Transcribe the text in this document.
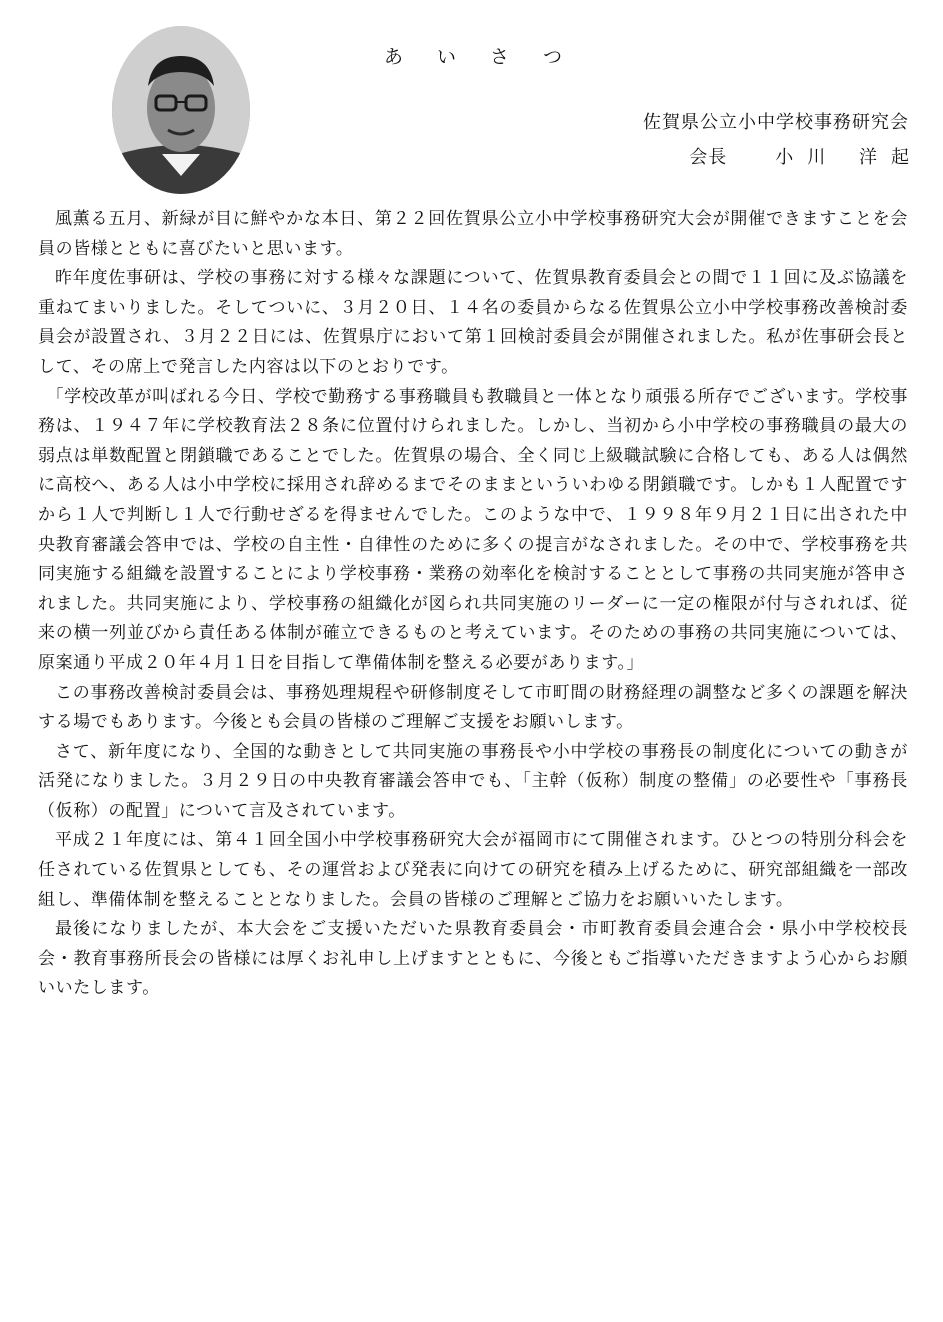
あ い さ つ
佐賀県公立小中学校事務研究会
会長	小川 洋起

風薫る五月、新緑が目に鮮やかな本日、第２２回佐賀県公立小中学校事務研究大会が開催できますことを会員の皆様とともに喜びたいと思います。

昨年度佐事研は、学校の事務に対する様々な課題について、佐賀県教育委員会との間で１１回に及ぶ協議を重ねてまいりました。そしてついに、３月２０日、１４名の委員からなる佐賀県公立小中学校事務改善検討委員会が設置され、３月２２日には、佐賀県庁において第１回検討委員会が開催されました。私が佐事研会長として、その席上で発言した内容は以下のとおりです。

「学校改革が叫ばれる今日、学校で勤務する事務職員も教職員と一体となり頑張る所存でございます。学校事務は、１９４７年に学校教育法２８条に位置付けられました。しかし、当初から小中学校の事務職員の最大の弱点は単数配置と閉鎖職であることでした。佐賀県の場合、全く同じ上級職試験に合格しても、ある人は偶然に高校へ、ある人は小中学校に採用され辞めるまでそのままといういわゆる閉鎖職です。しかも１人配置ですから１人で判断し１人で行動せざるを得ませんでした。このような中で、１９９８年９月２１日に出された中央教育審議会答申では、学校の自主性・自律性のために多くの提言がなされました。その中で、学校事務を共同実施する組織を設置することにより学校事務・業務の効率化を検討することとして事務の共同実施が答申されました。共同実施により、学校事務の組織化が図られ共同実施のリーダーに一定の権限が付与されれば、従来の横一列並びから責任ある体制が確立できるものと考えています。そのための事務の共同実施については、原案通り平成２０年４月１日を目指して準備体制を整える必要があります。」

この事務改善検討委員会は、事務処理規程や研修制度そして市町間の財務経理の調整など多くの課題を解決する場でもあります。今後とも会員の皆様のご理解ご支援をお願いします。

さて、新年度になり、全国的な動きとして共同実施の事務長や小中学校の事務長の制度化についての動きが活発になりました。３月２９日の中央教育審議会答申でも、「主幹（仮称）制度の整備」の必要性や「事務長（仮称）の配置」について言及されています。

平成２１年度には、第４１回全国小中学校事務研究大会が福岡市にて開催されます。ひとつの特別分科会を任されている佐賀県としても、その運営および発表に向けての研究を積み上げるために、研究部組織を一部改組し、準備体制を整えることとなりました。会員の皆様のご理解とご協力をお願いいたします。

最後になりましたが、本大会をご支援いただいた県教育委員会・市町教育委員会連合会・県小中学校校長会・教育事務所長会の皆様には厚くお礼申し上げますとともに、今後ともご指導いただきますよう心からお願いいたします。
